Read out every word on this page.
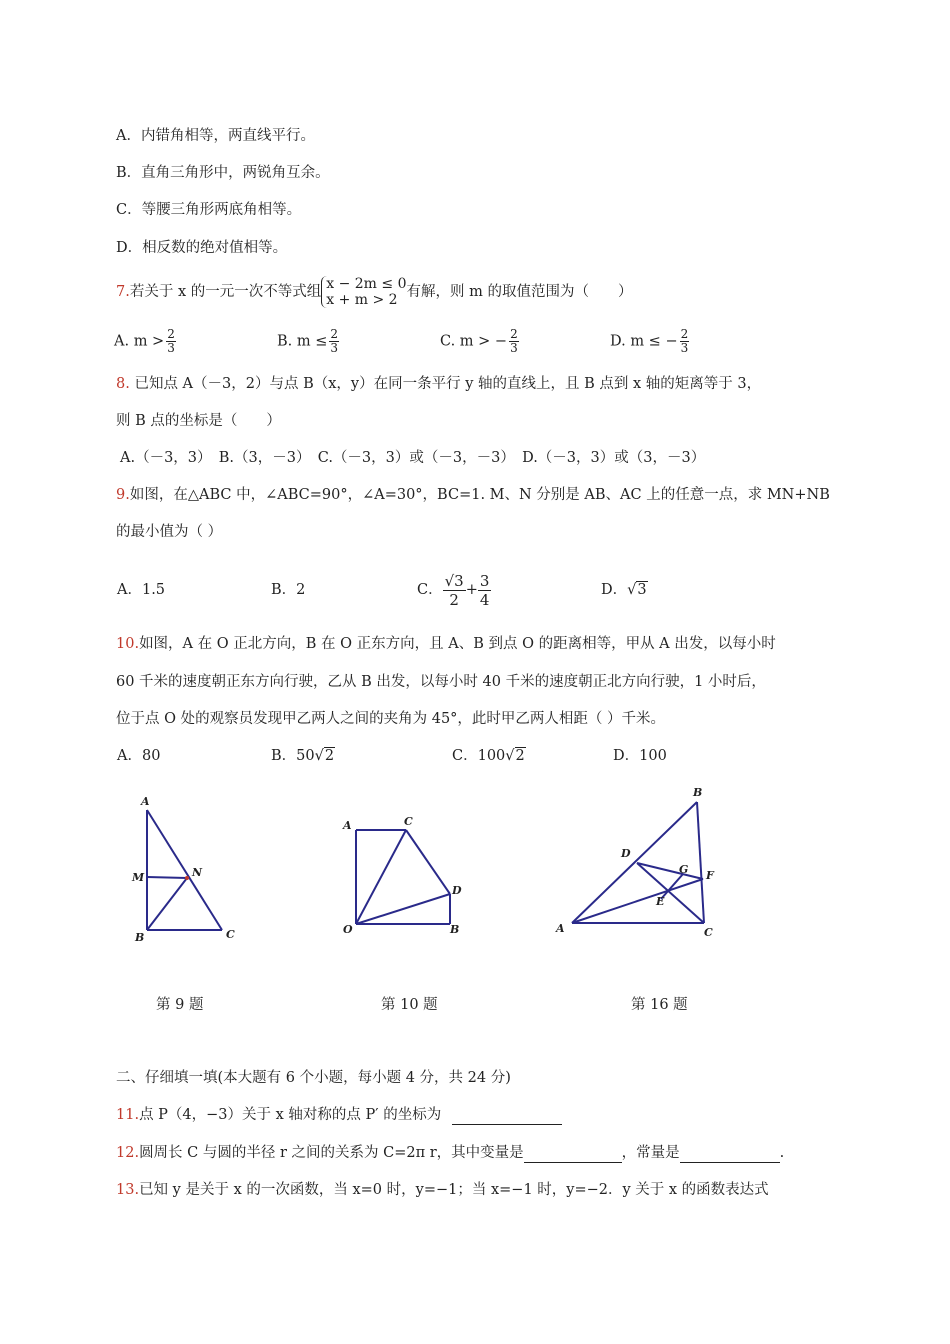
A．内错角相等，两直线平行。
B．直角三角形中，两锐角互余。
C．等腰三角形两底角相等。
D．相反数的绝对值相等。
7.若关于 x 的一元一次不等式组 x − 2m ≤ 0
x + m > 2 有解，则 m 的取值范围为（　　）
A. $m > \frac{2}{3}$	B. $m \le \frac{2}{3}$	C. m > − $\frac{2}{3}$	D. m ≤ − $\frac{2}{3}$
8. 已知点 A（－3，2）与点 B（x，y）在同一条平行 y 轴的直线上，且 B 点到 x 轴的矩离等于 3，
则 B 点的坐标是（　　）
A.（－3，3）　B.（3，－3）　C.（－3，3）或（－3，－3）　D.（－3，3）或（3，－3）
9.如图，在△ABC 中，∠ABC=90°，∠A=30°，BC=1. M、N 分别是 AB、AC 上的任意一点，求 MN+NB
的最小值为（ ）
A．1.5	B．2	C． $\frac{√3}{2}+ \frac{3}{4}$	D．√3
10.如图，A 在 O 正北方向，B 在 O 正东方向，且 A、B 到点 O 的距离相等，甲从 A 出发，以每小时
60 千米的速度朝正东方向行驶，乙从 B 出发，以每小时 40 千米的速度朝正北方向行驶，1 小时后，
位于点 O 处的观察员发现甲乙两人之间的夹角为 45°，此时甲乙两人相距（ ）千米。
A．80	B．50√2	C．100√2	D．100
A
M	N
B	C
第 9 题
A	C
D
O	B
第 10 题
B
D
G F
E
A	C
第 16 题
二、仔细填一填(本大题有 6 个小题，每小题 4 分，共 24 分)
11.点 P（4，−3）关于 x 轴对称的点 P′ 的坐标为
12.圆周长 C 与圆的半径 r 之间的关系为 C=2π r，其中变量是	，常量是	.
13.已知 y 是关于 x 的一次函数，当 x=0 时，y=−1；当 x=−1 时，y=−2．y 关于 x 的函数表达式
